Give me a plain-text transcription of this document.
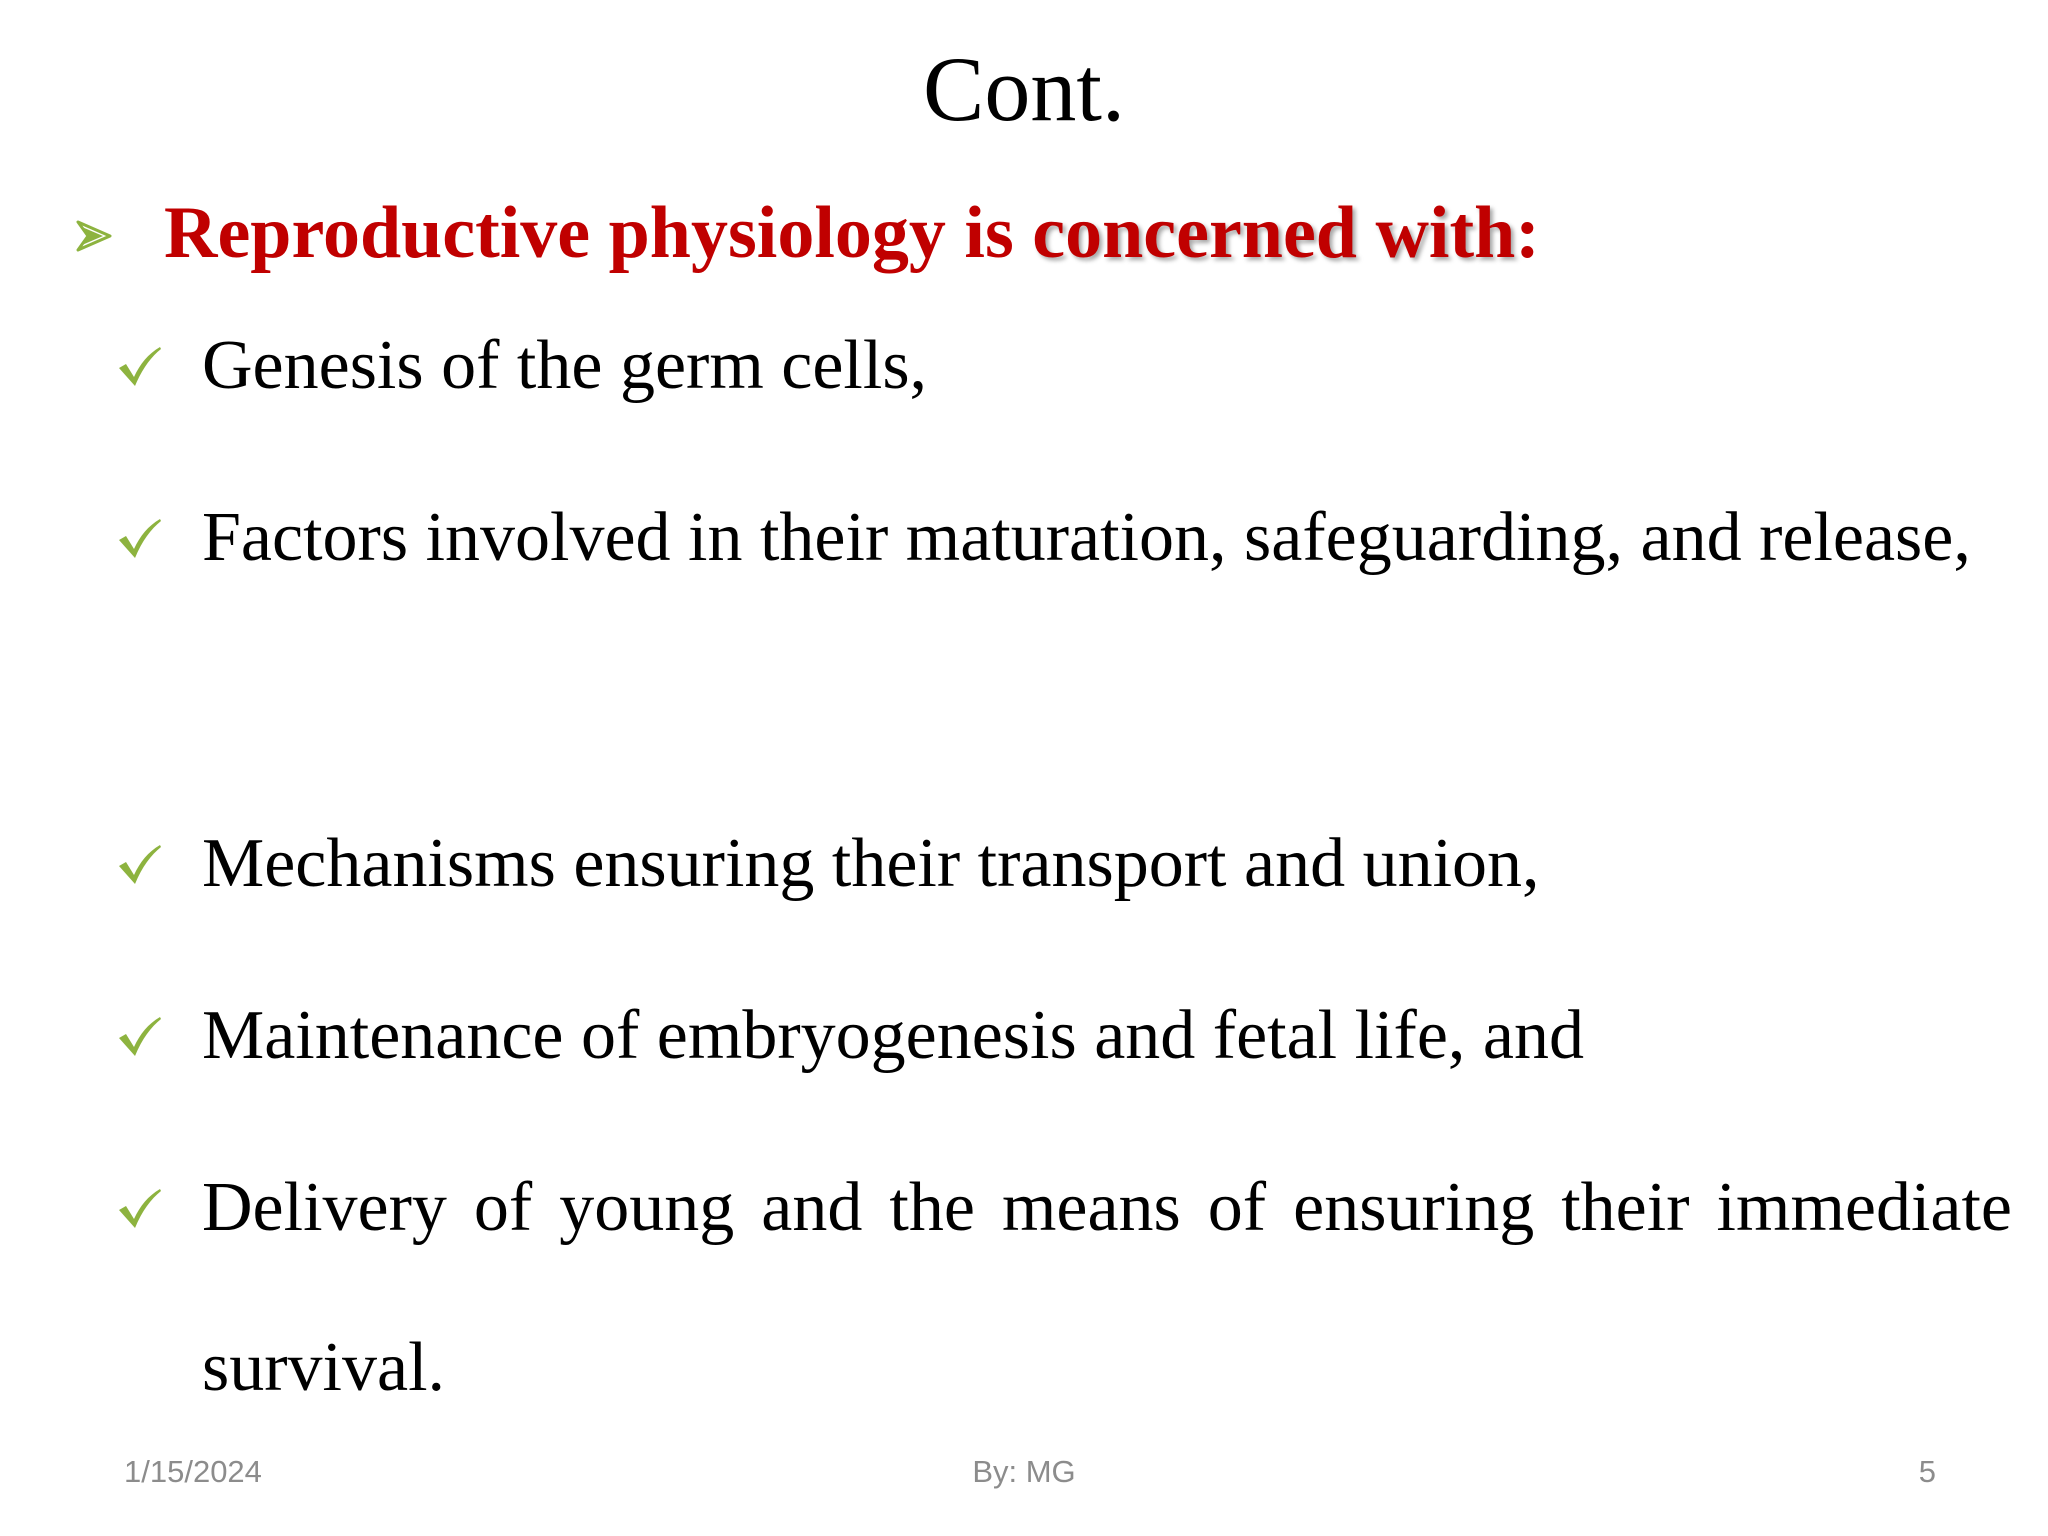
Cont.
Reproductive physiology is concerned with:
Genesis of the germ cells,
Factors involved in their maturation, safeguarding, and release,
Mechanisms ensuring their transport and union,
Maintenance of embryogenesis and fetal life, and
Delivery of young and the means of ensuring their immediate survival.
1/15/2024	By: MG	5
